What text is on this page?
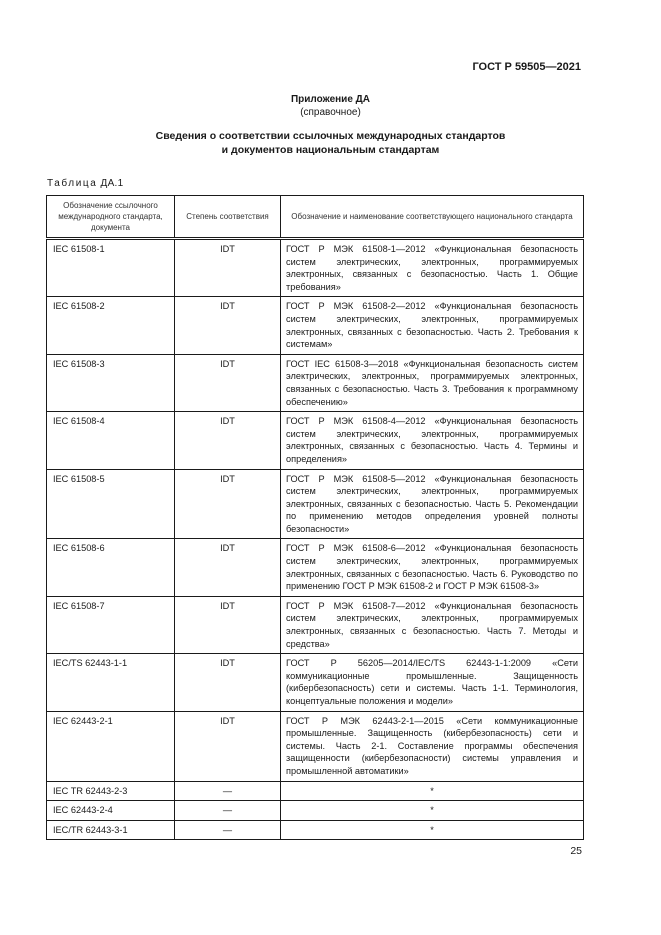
ГОСТ Р 59505—2021
Приложение ДА
(справочное)
Сведения о соответствии ссылочных международных стандартов
и документов национальным стандартам
Таблица ДА.1
Обозначение ссылочного международного стандарта, документа	Степень соответствия	Обозначение и наименование соответствующего национального стандарта
IEC 61508-1	IDT	ГОСТ Р МЭК 61508-1—2012 «Функциональная безопасность систем электрических, электронных, программируемых электронных, связанных с безопасностью. Часть 1. Общие требования»
IEC 61508-2	IDT	ГОСТ Р МЭК 61508-2—2012 «Функциональная безопасность систем электрических, электронных, программируемых электронных, связанных с безопасностью. Часть 2. Требования к системам»
IEC 61508-3	IDT	ГОСТ IEC 61508-3—2018 «Функциональная безопасность систем электрических, электронных, программируемых электронных, связанных с безопасностью. Часть 3. Требования к программному обеспечению»
IEC 61508-4	IDT	ГОСТ Р МЭК 61508-4—2012 «Функциональная безопасность систем электрических, электронных, программируемых электронных, связанных с безопасностью. Часть 4. Термины и определения»
IEC 61508-5	IDT	ГОСТ Р МЭК 61508-5—2012 «Функциональная безопасность систем электрических, электронных, программируемых электронных, связанных с безопасностью. Часть 5. Рекомендации по применению методов определения уровней полноты безопасности»
IEC 61508-6	IDT	ГОСТ Р МЭК 61508-6—2012 «Функциональная безопасность систем электрических, электронных, программируемых электронных, связанных с безопасностью. Часть 6. Руководство по применению ГОСТ Р МЭК 61508-2 и ГОСТ Р МЭК 61508-3»
IEC 61508-7	IDT	ГОСТ Р МЭК 61508-7—2012 «Функциональная безопасность систем электрических, электронных, программируемых электронных, связанных с безопасностью. Часть 7. Методы и средства»
IEC/TS 62443-1-1	IDT	ГОСТ Р 56205—2014/IEC/TS 62443-1-1:2009 «Сети коммуникационные промышленные. Защищенность (кибербезопасность) сети и системы. Часть 1-1. Терминология, концептуальные положения и модели»
IEC 62443-2-1	IDT	ГОСТ Р МЭК 62443-2-1—2015 «Сети коммуникационные промышленные. Защищенность (кибербезопасность) сети и системы. Часть 2-1. Составление программы обеспечения защищенности (кибербезопасности) системы управления и промышленной автоматики»
IEC TR 62443-2-3	—	*
IEC 62443-2-4	—	*
IEC/TR 62443-3-1	—	*
25
